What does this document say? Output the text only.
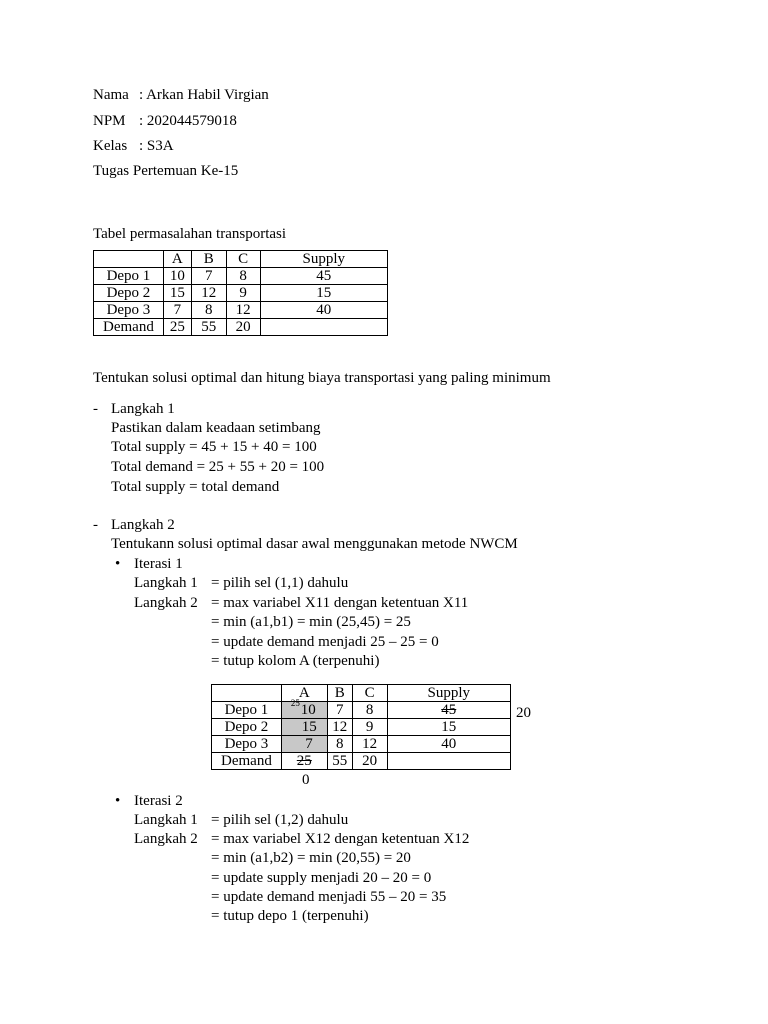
Nama : Arkan Habil Virgian
NPM : 202044579018
Kelas : S3A
Tugas Pertemuan Ke-15
Tabel permasalahan transportasi
	A	B	C	Supply
Depo 1	10	7	8	45
Depo 2	15	12	9	15
Depo 3	7	8	12	40
Demand	25	55	20	
Tentukan solusi optimal dan hitung biaya transportasi yang paling minimum
- Langkah 1
Pastikan dalam keadaan setimbang
Total supply = 45 + 15 + 40 = 100
Total demand = 25 + 55 + 20 = 100
Total supply = total demand
- Langkah 2
Tentukann solusi optimal dasar awal menggunakan metode NWCM
• Iterasi 1
Langkah 1 = pilih sel (1,1) dahulu
Langkah 2 = max variabel X11 dengan ketentuan X11
= min (a1,b1) = min (25,45) = 25
= update demand menjadi 25 – 25 = 0
= tutup kolom A (terpenuhi)
	A	B	C	Supply
Depo 1	25 10	7	8	45
Depo 2	15	12	9	15
Depo 3	7	8	12	40
Demand	25	55	20	
20
0
• Iterasi 2
Langkah 1 = pilih sel (1,2) dahulu
Langkah 2 = max variabel X12 dengan ketentuan X12
= min (a1,b2) = min (20,55) = 20
= update supply menjadi 20 – 20 = 0
= update demand menjadi 55 – 20 = 35
= tutup depo 1 (terpenuhi)
